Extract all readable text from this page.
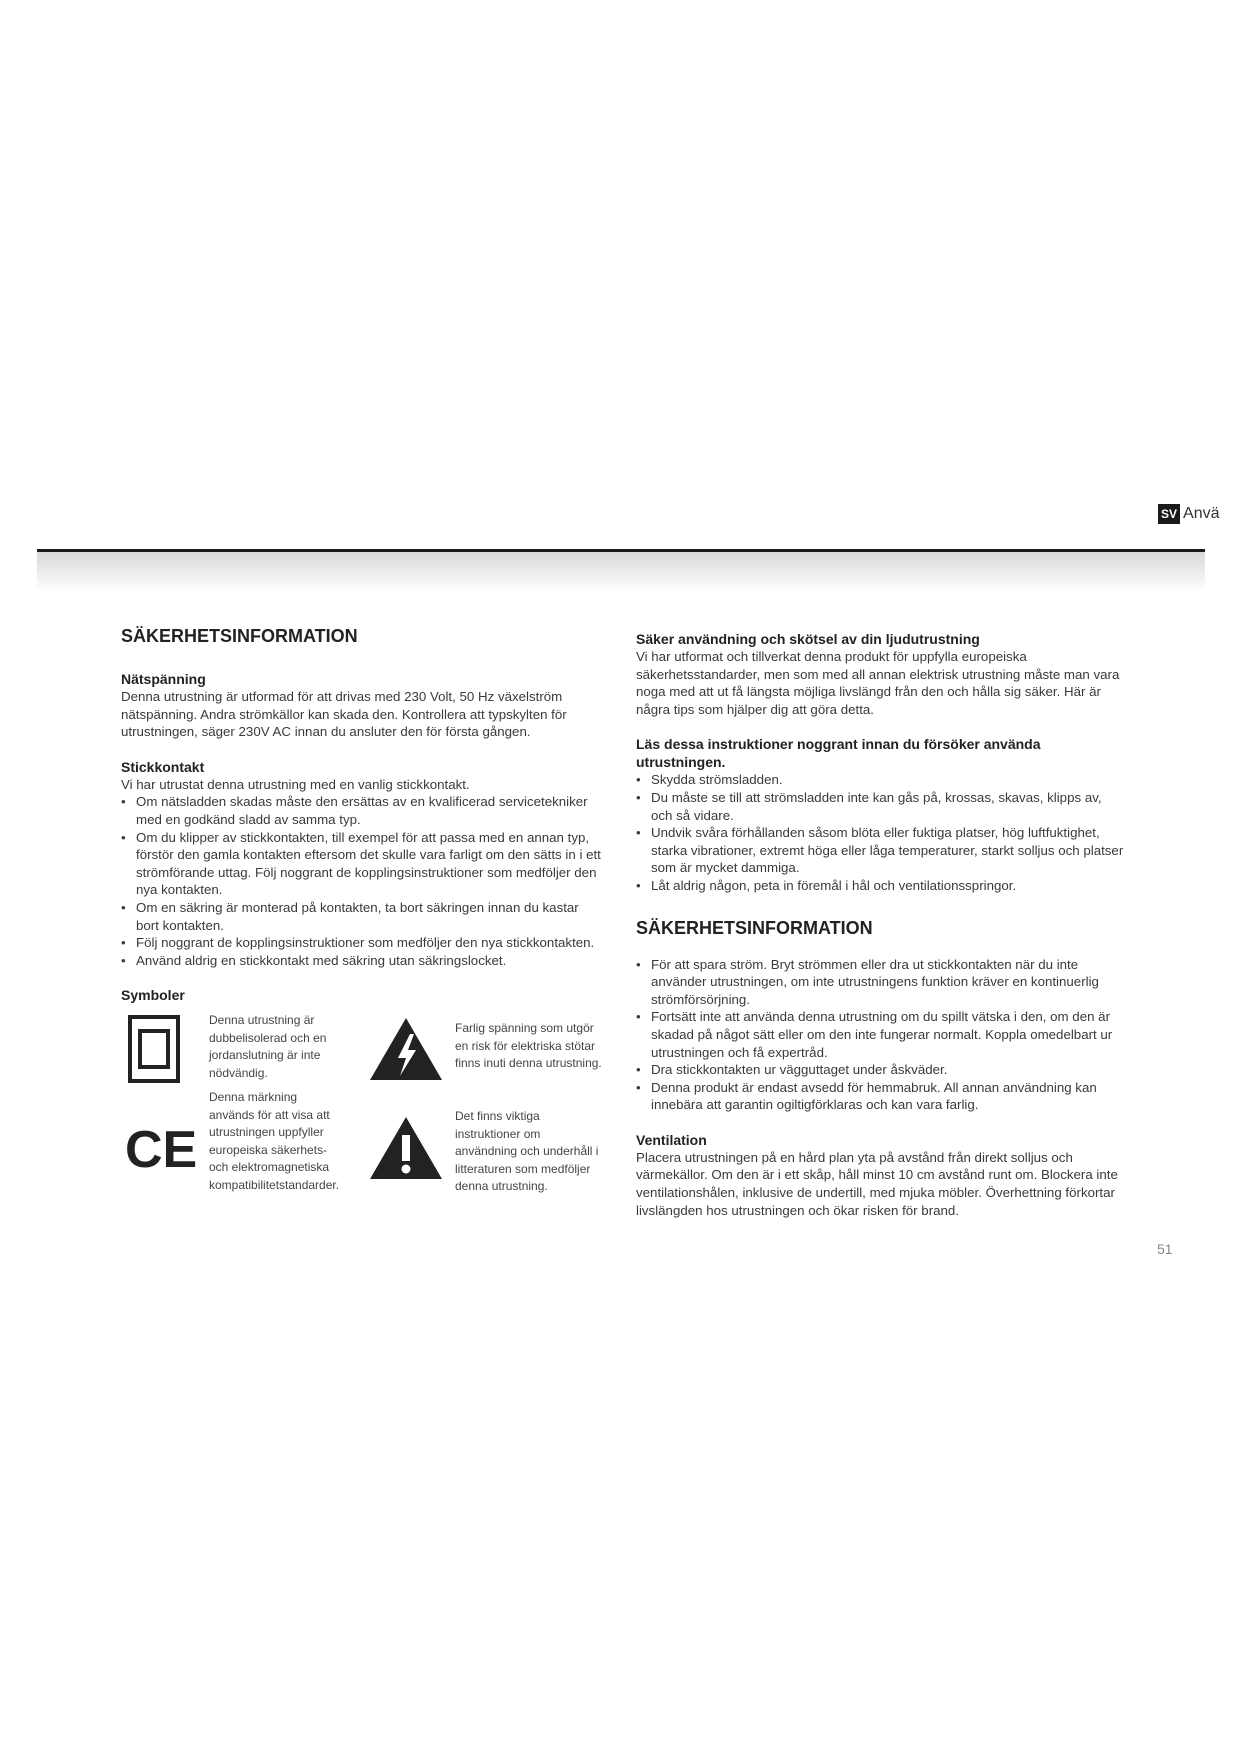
SV Anvä
SÄKERHETSINFORMATION
Nätspänning

Denna utrustning är utformad för att drivas med 230 Volt, 50 Hz växelström nätspänning. Andra strömkällor kan skada den. Kontrollera att typskylten för utrustningen, säger 230V AC innan du ansluter den för första gången.

Stickkontakt

Vi har utrustat denna utrustning med en vanlig stickkontakt.

• Om nätsladden skadas måste den ersättas av en kvalificerad servicetekniker med en godkänd sladd av samma typ.
• Om du klipper av stickkontakten, till exempel för att passa med en annan typ, förstör den gamla kontakten eftersom det skulle vara farligt om den sätts in i ett strömförande uttag. Följ noggrant de kopplingsinstruktioner som medföljer den nya kontakten.
• Om en säkring är monterad på kontakten, ta bort säkringen innan du kastar bort kontakten.
• Följ noggrant de kopplingsinstruktioner som medföljer den nya stickkontakten.
• Använd aldrig en stickkontakt med säkring utan säkringslocket.
Symboler
Denna utrustning är dubbelisolerad och en jordanslutning är inte nödvändig.
CE
Denna märkning används för att visa att utrustningen uppfyller europeiska säkerhets- och elektromagnetiska kompatibilitetstandarder.
Farlig spänning som utgör en risk för elektriska stötar finns inuti denna utrustning.
Det finns viktiga instruktioner om användning och underhåll i litteraturen som medföljer denna utrustning.
Säker användning och skötsel av din ljudutrustning

Vi har utformat och tillverkat denna produkt för uppfylla europeiska säkerhetsstandarder, men som med all annan elektrisk utrustning måste man vara noga med att ut få längsta möjliga livslängd från den och hålla sig säker. Här är några tips som hjälper dig att göra detta.

Läs dessa instruktioner noggrant innan du försöker använda utrustningen.
• Skydda strömsladden.
• Du måste se till att strömsladden inte kan gås på, krossas, skavas, klipps av, och så vidare.
• Undvik svåra förhållanden såsom blöta eller fuktiga platser, hög luftfuktighet, starka vibrationer, extremt höga eller låga temperaturer, starkt solljus och platser som är mycket dammiga.
• Låt aldrig någon, peta in föremål i hål och ventilationsspringor.
SÄKERHETSINFORMATION
• För att spara ström. Bryt strömmen eller dra ut stickkontakten när du inte använder utrustningen, om inte utrustningens funktion kräver en kontinuerlig strömförsörjning.
• Fortsätt inte att använda denna utrustning om du spillt vätska i den, om den är skadad på något sätt eller om den inte fungerar normalt. Koppla omedelbart ur utrustningen och få expertråd.
• Dra stickkontakten ur vägguttaget under åskväder.
• Denna produkt är endast avsedd för hemmabruk. All annan användning kan innebära att garantin ogiltigförklaras och kan vara farlig.
Ventilation

Placera utrustningen på en hård plan yta på avstånd från direkt solljus och värmekällor. Om den är i ett skåp, håll minst 10 cm avstånd runt om. Blockera inte ventilationshålen, inklusive de undertill, med mjuka möbler. Överhettning förkortar livslängden hos utrustningen och ökar risken för brand.

51
